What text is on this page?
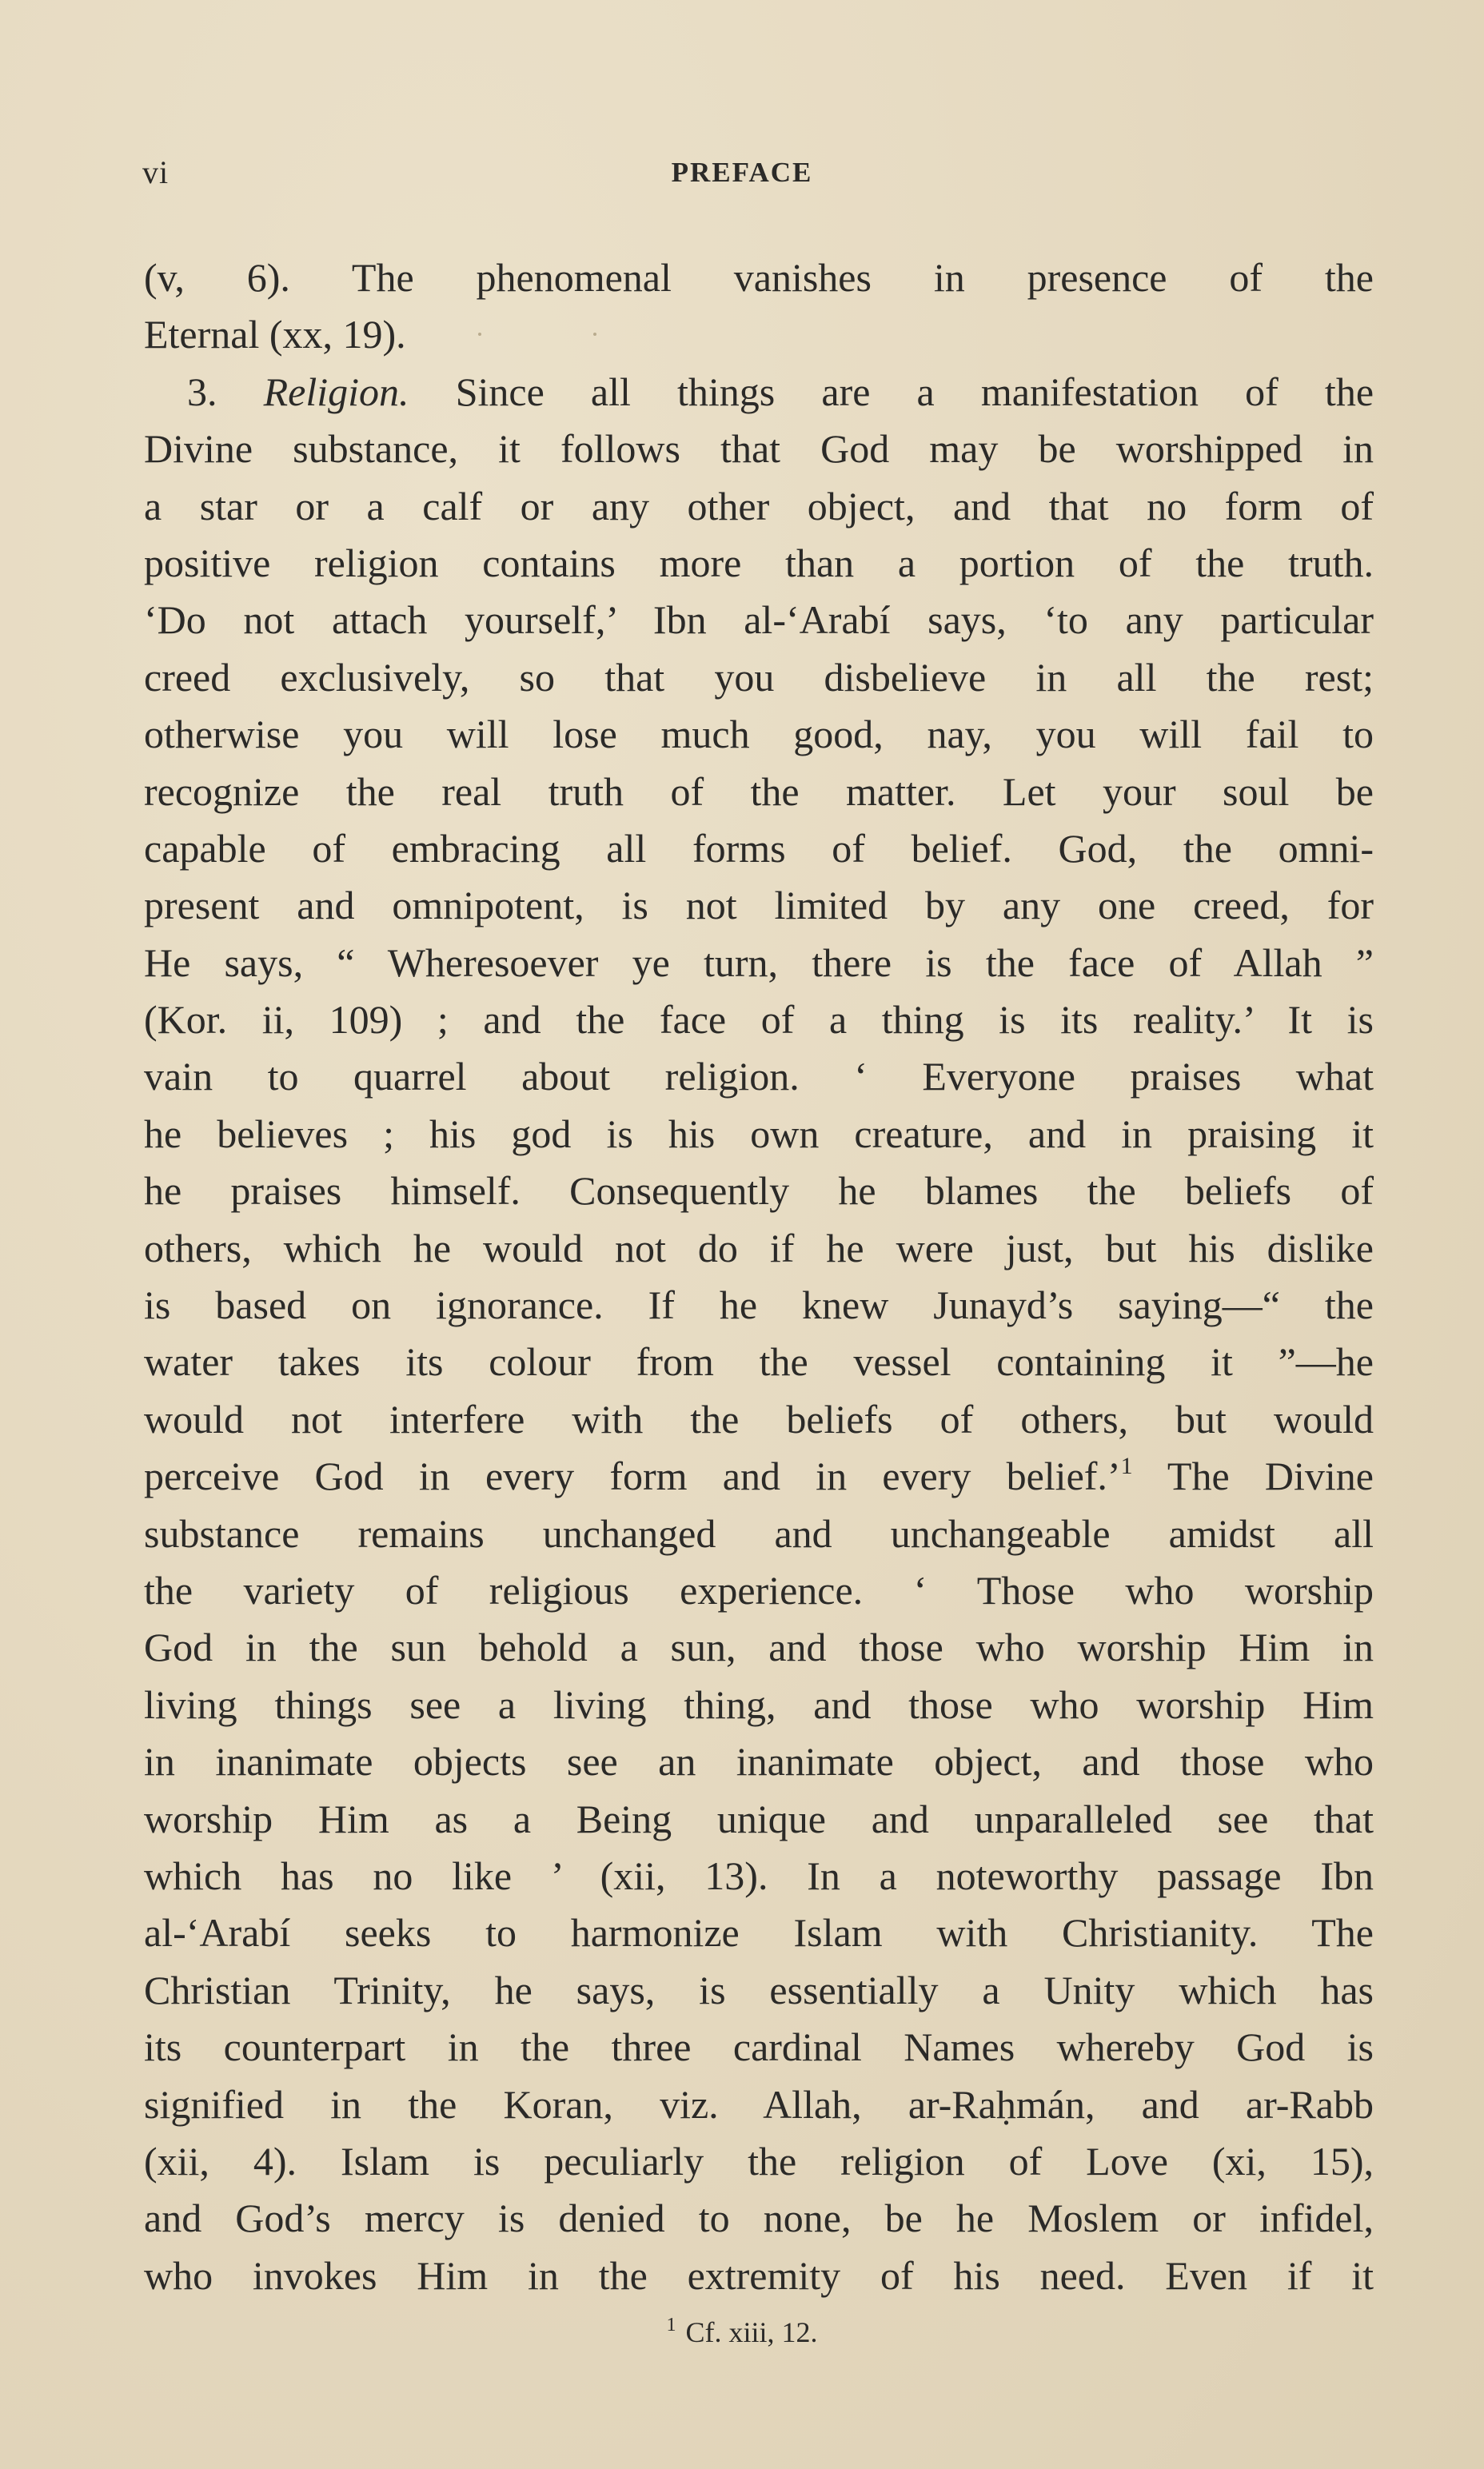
vi	PREFACE
(v, 6). The phenomenal vanishes in presence of the
Eternal (xx, 19).
3. Religion. Since all things are a manifestation of the
Divine substance, it follows that God may be worshipped in
a star or a calf or any other object, and that no form of
positive religion contains more than a portion of the truth.
‘Do not attach yourself,’ Ibn al-‘Arabí says, ‘to any particular
creed exclusively, so that you disbelieve in all the rest;
otherwise you will lose much good, nay, you will fail to
recognize the real truth of the matter. Let your soul be
capable of embracing all forms of belief. God, the omni-
present and omnipotent, is not limited by any one creed, for
He says, “ Wheresoever ye turn, there is the face of Allah ”
(Kor. ii, 109) ; and the face of a thing is its reality.’ It is
vain to quarrel about religion. ‘ Everyone praises what
he believes ; his god is his own creature, and in praising it
he praises himself. Consequently he blames the beliefs of
others, which he would not do if he were just, but his dislike
is based on ignorance. If he knew Junayd’s saying—“ the
water takes its colour from the vessel containing it ”—he
would not interfere with the beliefs of others, but would
perceive God in every form and in every belief.’$^1$ The Divine
substance remains unchanged and unchangeable amidst all
the variety of religious experience. ‘ Those who worship
God in the sun behold a sun, and those who worship Him in
living things see a living thing, and those who worship Him
in inanimate objects see an inanimate object, and those who
worship Him as a Being unique and unparalleled see that
which has no like ’ (xii, 13). In a noteworthy passage Ibn
al-‘Arabí seeks to harmonize Islam with Christianity. The
Christian Trinity, he says, is essentially a Unity which has
its counterpart in the three cardinal Names whereby God is
signified in the Koran, viz. Allah, ar-Raḥmán, and ar-Rabb
(xii, 4). Islam is peculiarly the religion of Love (xi, 15),
and God’s mercy is denied to none, be he Moslem or infidel,
who invokes Him in the extremity of his need. Even if it
$^1$ Cf. xiii, 12.
